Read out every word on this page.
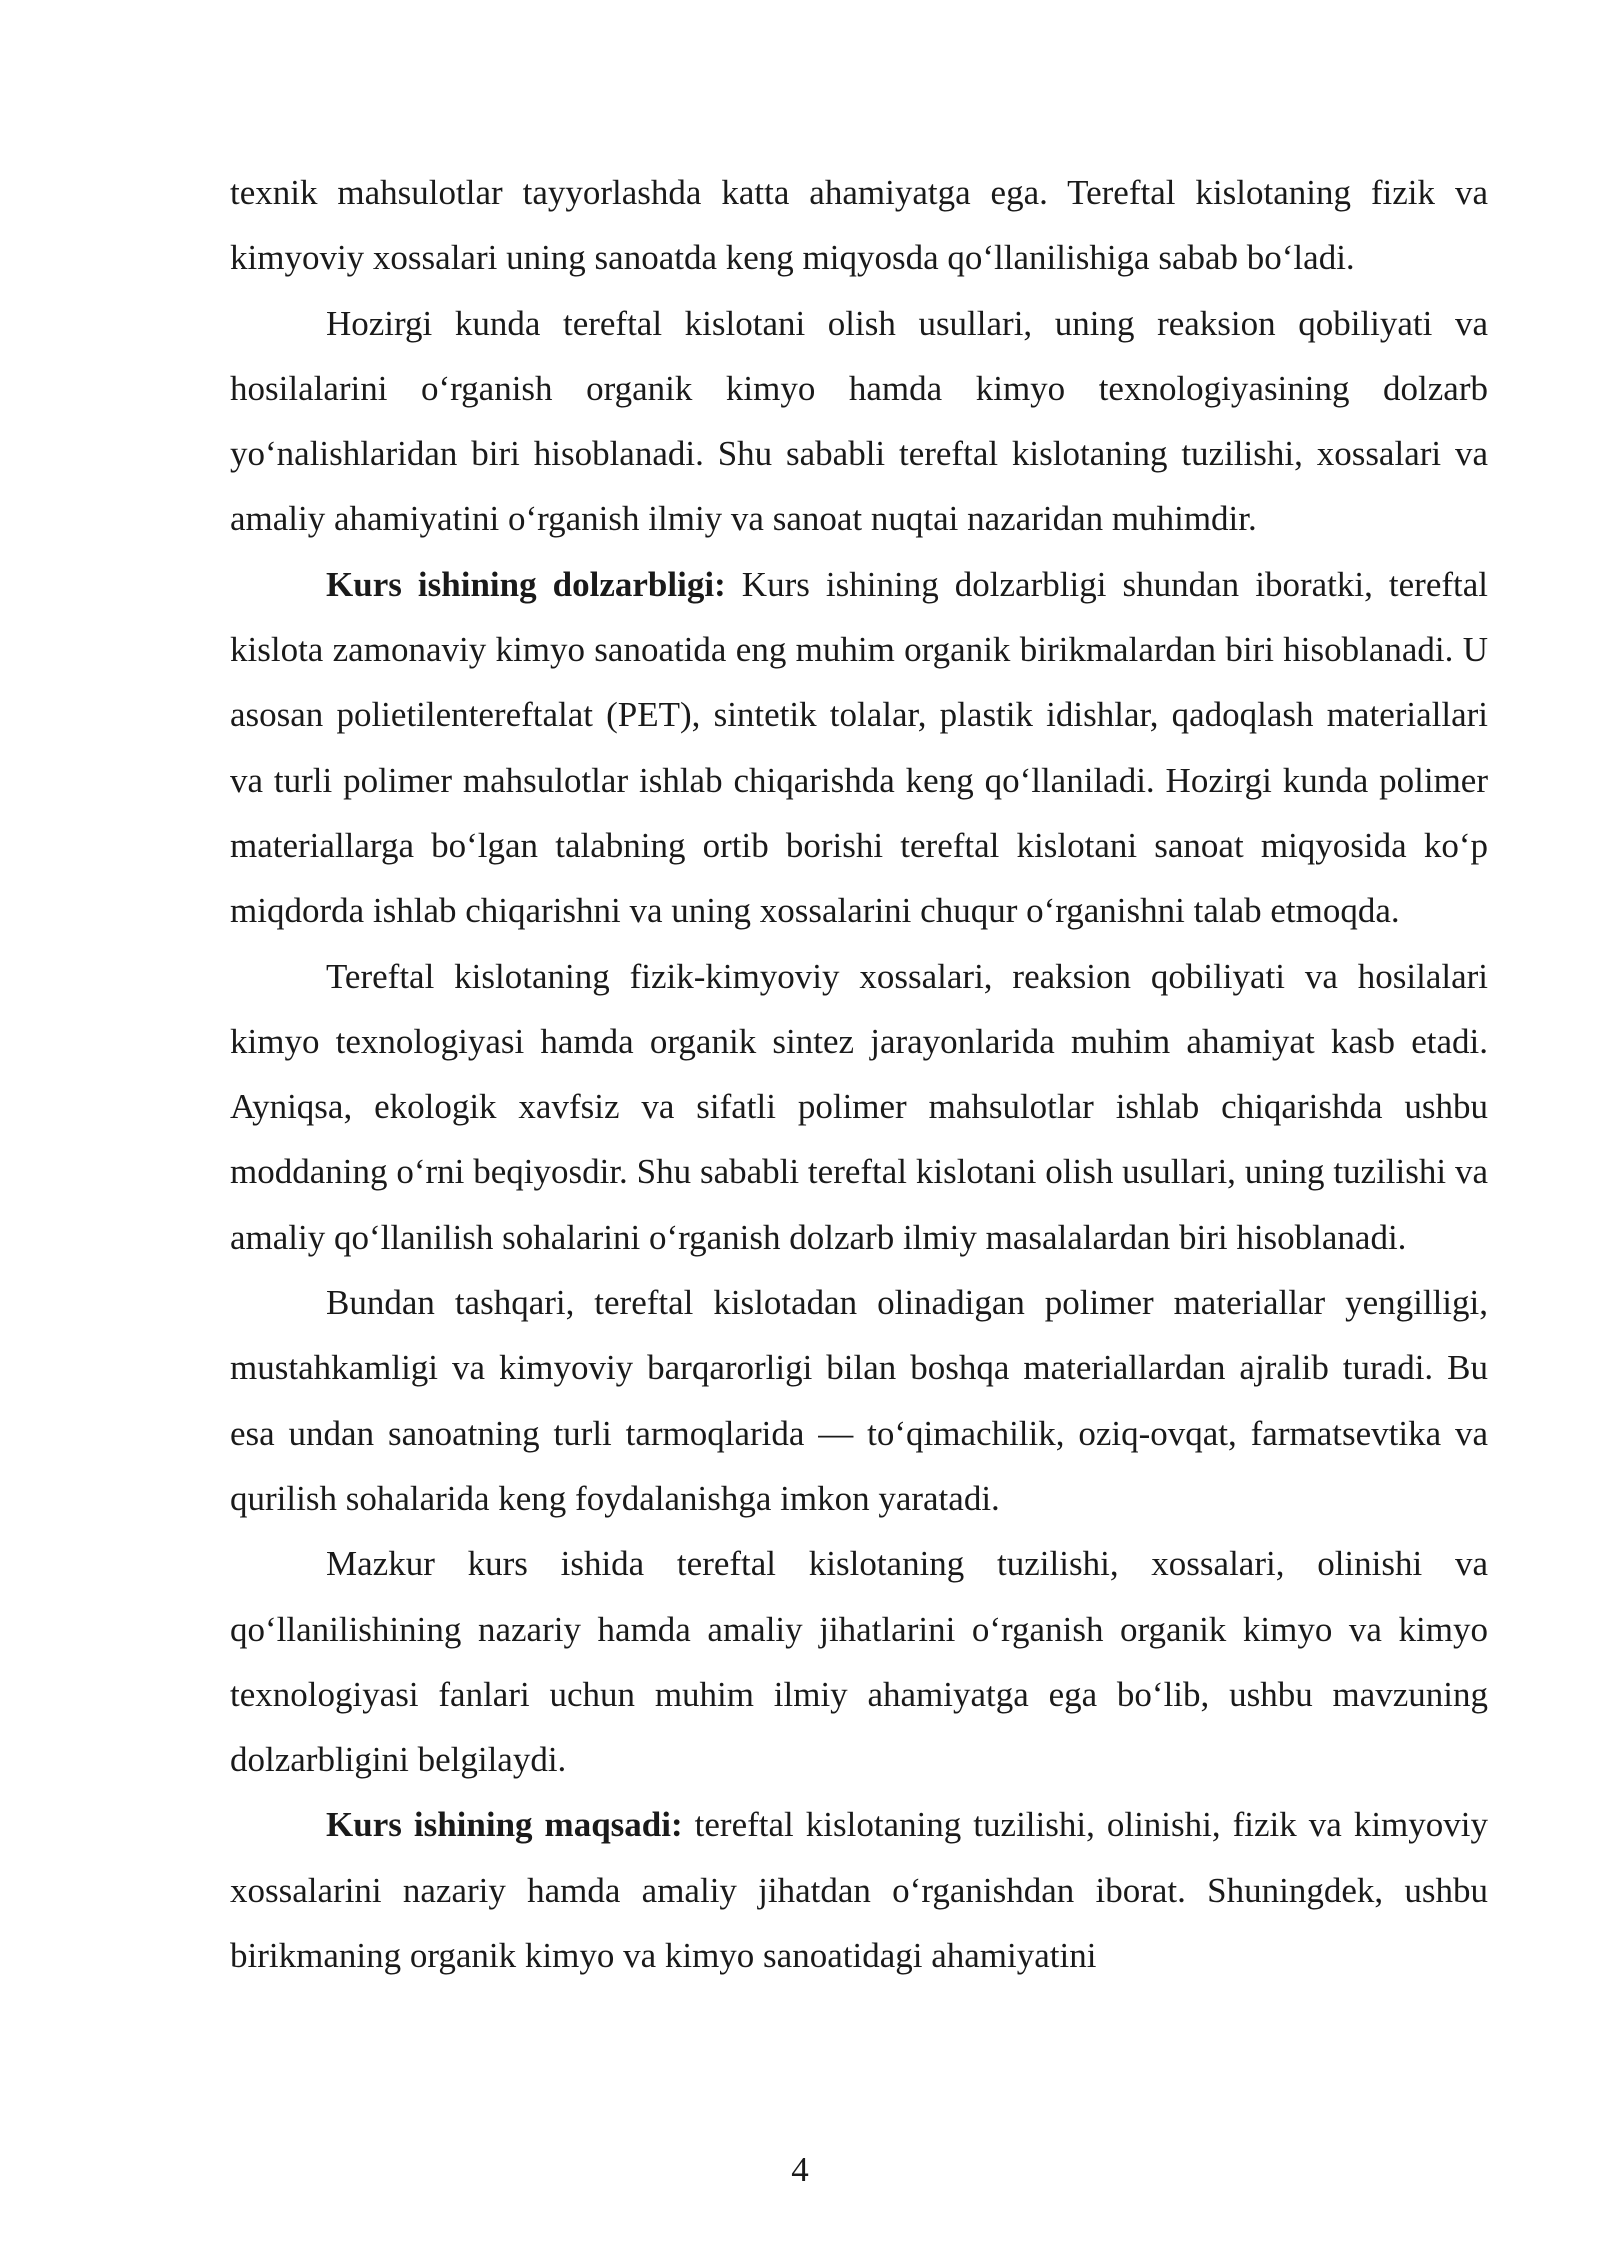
texnik mahsulotlar tayyorlashda katta ahamiyatga ega. Tereftal kislotaning fizik va kimyoviy xossalari uning sanoatda keng miqyosda qo‘llanilishiga sabab bo‘ladi.

Hozirgi kunda tereftal kislotani olish usullari, uning reaksion qobiliyati va hosilalarini o‘rganish organik kimyo hamda kimyo texnologiyasining dolzarb yo‘nalishlaridan biri hisoblanadi. Shu sababli tereftal kislotaning tuzilishi, xossalari va amaliy ahamiyatini o‘rganish ilmiy va sanoat nuqtai nazaridan muhimdir.

Kurs ishining dolzarbligi: Kurs ishining dolzarbligi shundan iboratki, tereftal kislota zamonaviy kimyo sanoatida eng muhim organik birikmalardan biri hisoblanadi. U asosan polietilentereftalat (PET), sintetik tolalar, plastik idishlar, qadoqlash materiallari va turli polimer mahsulotlar ishlab chiqarishda keng qo‘llaniladi. Hozirgi kunda polimer materiallarga bo‘lgan talabning ortib borishi tereftal kislotani sanoat miqyosida ko‘p miqdorda ishlab chiqarishni va uning xossalarini chuqur o‘rganishni talab etmoqda.

Tereftal kislotaning fizik-kimyoviy xossalari, reaksion qobiliyati va hosilalari kimyo texnologiyasi hamda organik sintez jarayonlarida muhim ahamiyat kasb etadi. Ayniqsa, ekologik xavfsiz va sifatli polimer mahsulotlar ishlab chiqarishda ushbu moddaning o‘rni beqiyosdir. Shu sababli tereftal kislotani olish usullari, uning tuzilishi va amaliy qo‘llanilish sohalarini o‘rganish dolzarb ilmiy masalalardan biri hisoblanadi.

Bundan tashqari, tereftal kislotadan olinadigan polimer materiallar yengilligi, mustahkamligi va kimyoviy barqarorligi bilan boshqa materiallardan ajralib turadi. Bu esa undan sanoatning turli tarmoqlarida — to‘qimachilik, oziq-ovqat, farmatsevtika va qurilish sohalarida keng foydalanishga imkon yaratadi.

Mazkur kurs ishida tereftal kislotaning tuzilishi, xossalari, olinishi va qo‘llanilishining nazariy hamda amaliy jihatlarini o‘rganish organik kimyo va kimyo texnologiyasi fanlari uchun muhim ilmiy ahamiyatga ega bo‘lib, ushbu mavzuning dolzarbligini belgilaydi.

Kurs ishining maqsadi: tereftal kislotaning tuzilishi, olinishi, fizik va kimyoviy xossalarini nazariy hamda amaliy jihatdan o‘rganishdan iborat. Shuningdek, ushbu birikmaning organik kimyo va kimyo sanoatidagi ahamiyatini

4
